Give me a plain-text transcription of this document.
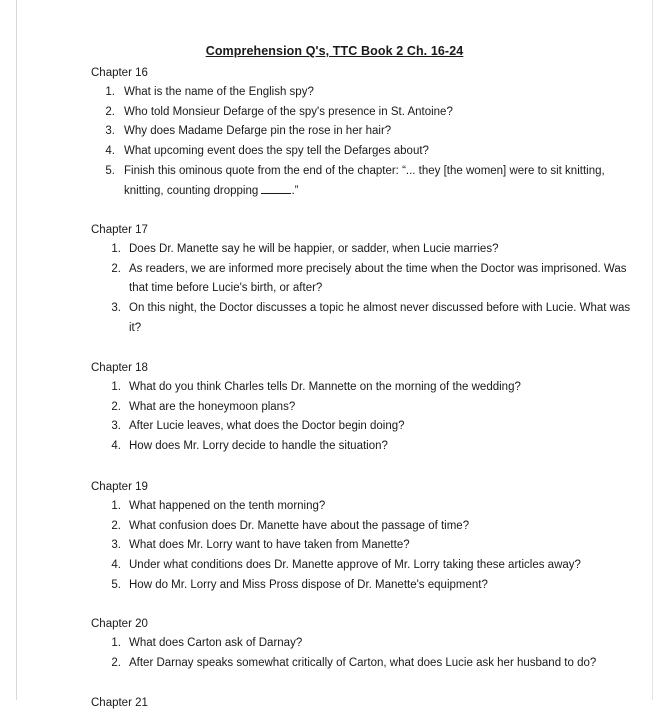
Comprehension Q's, TTC Book 2 Ch. 16-24
Chapter 16
1. What is the name of the English spy?
2. Who told Monsieur Defarge of the spy's presence in St. Antoine?
3. Why does Madame Defarge pin the rose in her hair?
4. What upcoming event does the spy tell the Defarges about?
5. Finish this ominous quote from the end of the chapter: “... they [the women] were to sit knitting, knitting, counting dropping	.”
Chapter 17
1. Does Dr. Manette say he will be happier, or sadder, when Lucie marries?
2. As readers, we are informed more precisely about the time when the Doctor was imprisoned. Was that time before Lucie's birth, or after?
3. On this night, the Doctor discusses a topic he almost never discussed before with Lucie. What was it?
Chapter 18
1. What do you think Charles tells Dr. Mannette on the morning of the wedding?
2. What are the honeymoon plans?
3. After Lucie leaves, what does the Doctor begin doing?
4. How does Mr. Lorry decide to handle the situation?
Chapter 19
1. What happened on the tenth morning?
2. What confusion does Dr. Manette have about the passage of time?
3. What does Mr. Lorry want to have taken from Manette?
4. Under what conditions does Dr. Manette approve of Mr. Lorry taking these articles away?
5. How do Mr. Lorry and Miss Pross dispose of Dr. Manette's equipment?
Chapter 20
1. What does Carton ask of Darnay?
2. After Darnay speaks somewhat critically of Carton, what does Lucie ask her husband to do?
Chapter 21
